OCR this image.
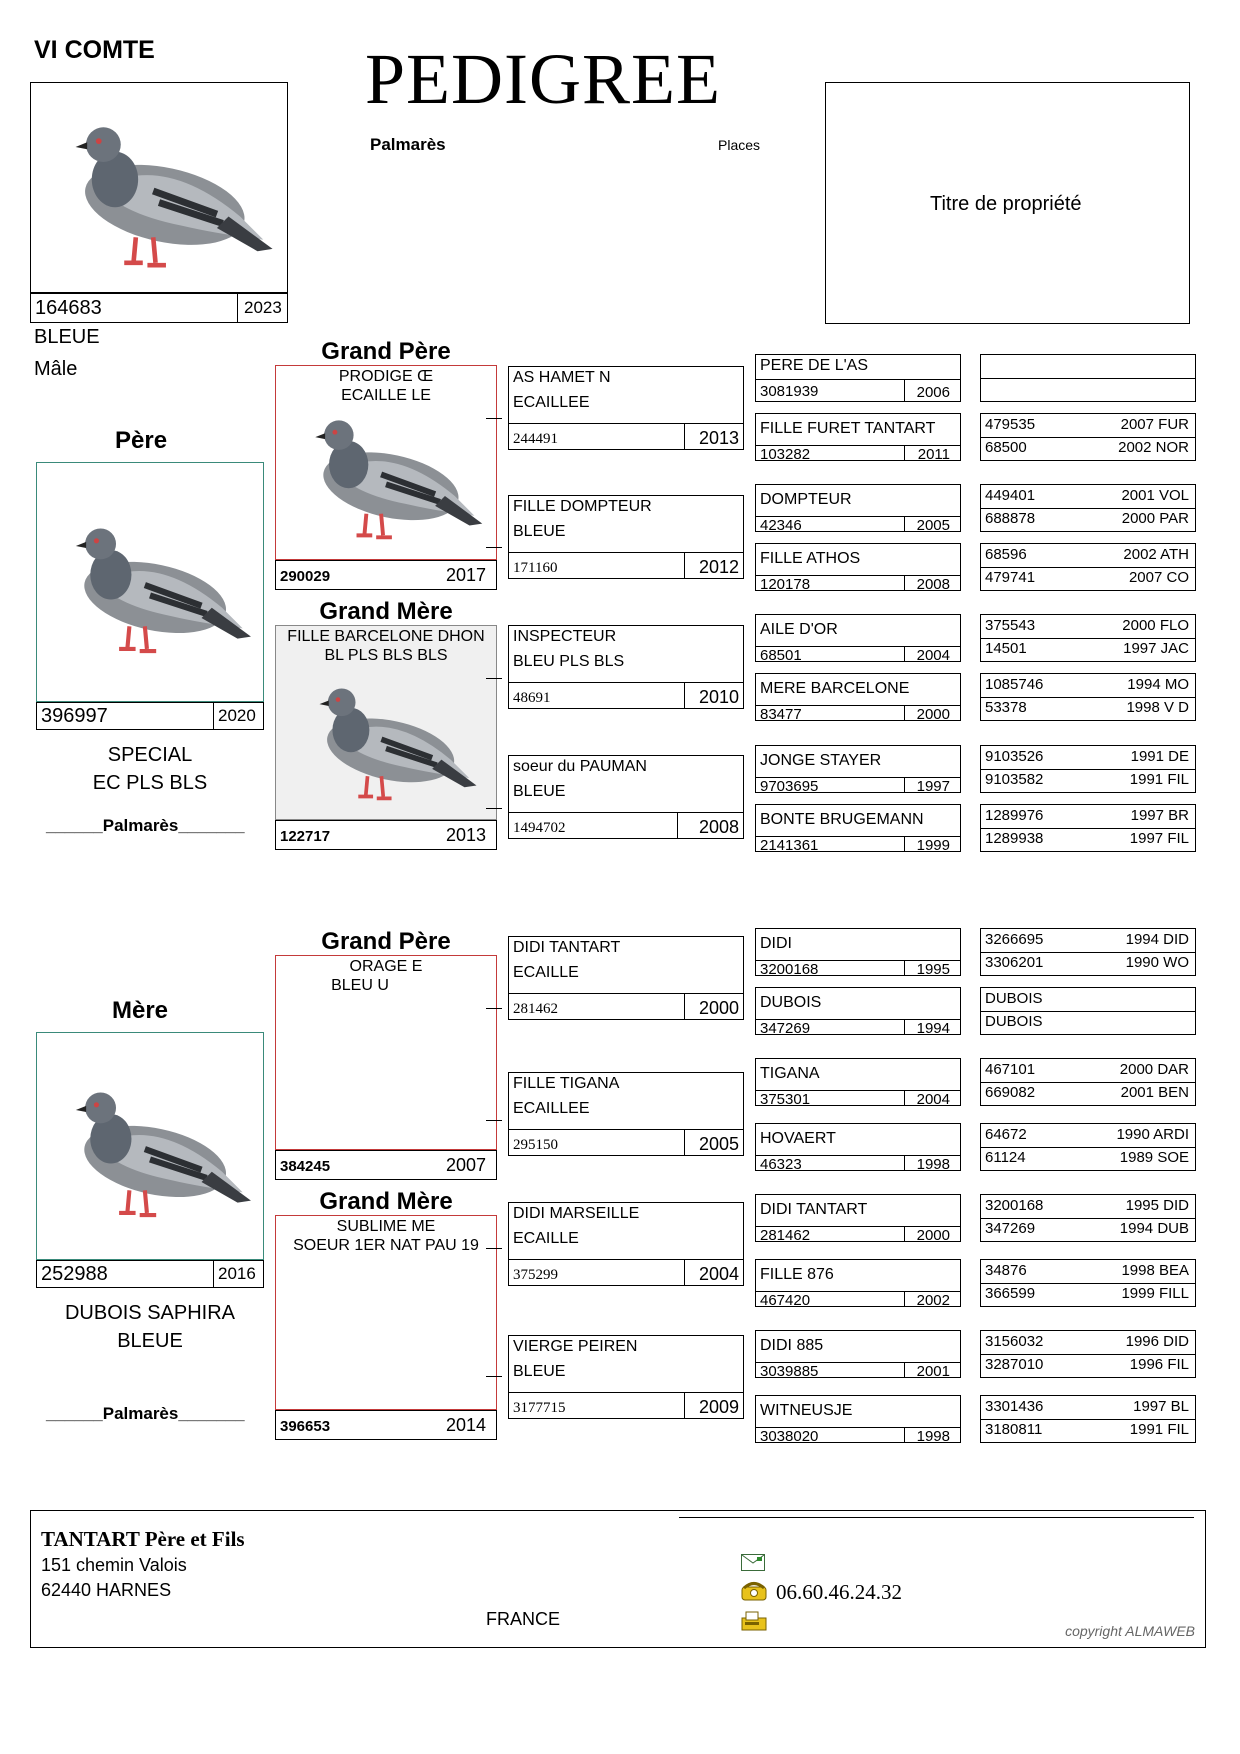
VI COMTE	PEDIGREE
Palmarès	Places
164683	2023
BLEUE
Mâle
Titre de propriété
Père
396997	2020
SPECIAL
EC PLS BLS
______Palmarès_______
Mère
252988	2016
DUBOIS SAPHIRA
BLEUE
______Palmarès_______
Grand Père
PRODIGE Œ
ECAILLE LE
290029	2017
Grand Mère
FILLE BARCELONE DHON
BL PLS BLS BLS
122717	2013
Grand Père
ORAGE E
BLEU U
384245	2007
Grand Mère
SUBLIME ME
SOEUR 1ER NAT PAU 19
396653	2014
AS HAMET N
ECAILLEE
244491	2013
FILLE DOMPTEUR
BLEUE
171160	2012
INSPECTEUR
BLEU PLS BLS
48691	2010
soeur du PAUMAN
BLEUE
1494702	2008
DIDI TANTART
ECAILLE
281462	2000
FILLE TIGANA
ECAILLEE
295150	2005
DIDI MARSEILLE
ECAILLE
375299	2004
VIERGE PEIREN
BLEUE
3177715	2009
PERE DE L'AS
3081939	2006
FILLE FURET TANTART
103282	2011
DOMPTEUR
42346	2005
FILLE ATHOS
120178	2008
AILE D'OR
68501	2004
MERE BARCELONE
83477	2000
JONGE STAYER
9703695	1997
BONTE BRUGEMANN
2141361	1999
DIDI
3200168	1995
DUBOIS
347269	1994
TIGANA
375301	2004
HOVAERT
46323	1998
DIDI TANTART
281462	2000
FILLE 876
467420	2002
DIDI 885
3039885	2001
WITNEUSJE
3038020	1998
479535	2007 FUR
68500	2002 NOR
449401	2001 VOL
688878	2000 PAR
68596	2002 ATH
479741	2007 CO
375543	2000 FLO
14501	1997 JAC
1085746	1994 MO
53378	1998 V D
9103526	1991 DE
9103582	1991 FIL
1289976	1997 BR
1289938	1997 FIL
3266695	1994 DID
3306201	1990 WO
DUBOIS
DUBOIS
467101	2000 DAR
669082	2001 BEN
64672	1990 ARDI
61124	1989 SOE
3200168	1995 DID
347269	1994 DUB
34876	1998 BEA
366599	1999 FILL
3156032	1996 DID
3287010	1996 FIL
3301436	1997 BL
3180811	1991 FIL
TANTART Père et Fils
151 chemin Valois
62440 HARNES
FRANCE
06.60.46.24.32
copyright ALMAWEB
